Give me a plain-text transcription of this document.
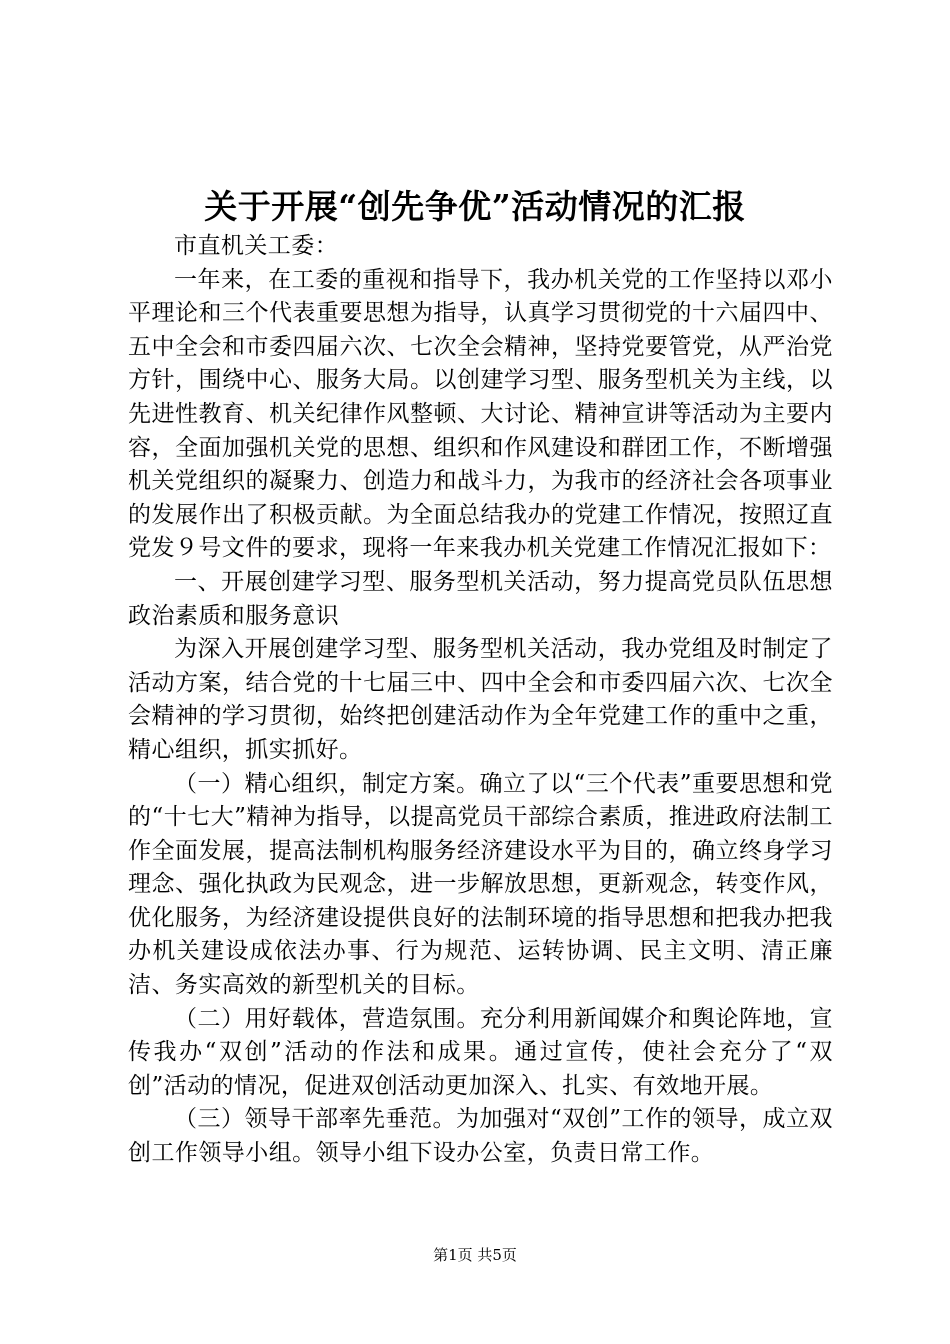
关于开展“创先争优”活动情况的汇报

市直机关工委：

一年来，在工委的重视和指导下，我办机关党的工作坚持以邓小平理论和三个代表重要思想为指导，认真学习贯彻党的十六届四中、五中全会和市委四届六次、七次全会精神，坚持党要管党，从严治党方针，围绕中心、服务大局。以创建学习型、服务型机关为主线，以先进性教育、机关纪律作风整顿、大讨论、精神宣讲等活动为主要内容，全面加强机关党的思想、组织和作风建设和群团工作，不断增强机关党组织的凝聚力、创造力和战斗力，为我市的经济社会各项事业的发展作出了积极贡献。为全面总结我办的党建工作情况，按照辽直党发９号文件的要求，现将一年来我办机关党建工作情况汇报如下：

一、开展创建学习型、服务型机关活动，努力提高党员队伍思想政治素质和服务意识

为深入开展创建学习型、服务型机关活动，我办党组及时制定了活动方案，结合党的十七届三中、四中全会和市委四届六次、七次全会精神的学习贯彻，始终把创建活动作为全年党建工作的重中之重，精心组织，抓实抓好。

（一）精心组织，制定方案。确立了以“三个代表”重要思想和党的“十七大”精神为指导，以提高党员干部综合素质，推进政府法制工作全面发展，提高法制机构服务经济建设水平为目的，确立终身学习理念、强化执政为民观念，进一步解放思想，更新观念，转变作风，优化服务，为经济建设提供良好的法制环境的指导思想和把我办把我办机关建设成依法办事、行为规范、运转协调、民主文明、清正廉洁、务实高效的新型机关的目标。

（二）用好载体，营造氛围。充分利用新闻媒介和舆论阵地，宣传我办“双创”活动的作法和成果。通过宣传，使社会充分了“双创”活动的情况，促进双创活动更加深入、扎实、有效地开展。

（三）领导干部率先垂范。为加强对“双创”工作的领导，成立双创工作领导小组。领导小组下设办公室，负责日常工作。

第1页 共5页
